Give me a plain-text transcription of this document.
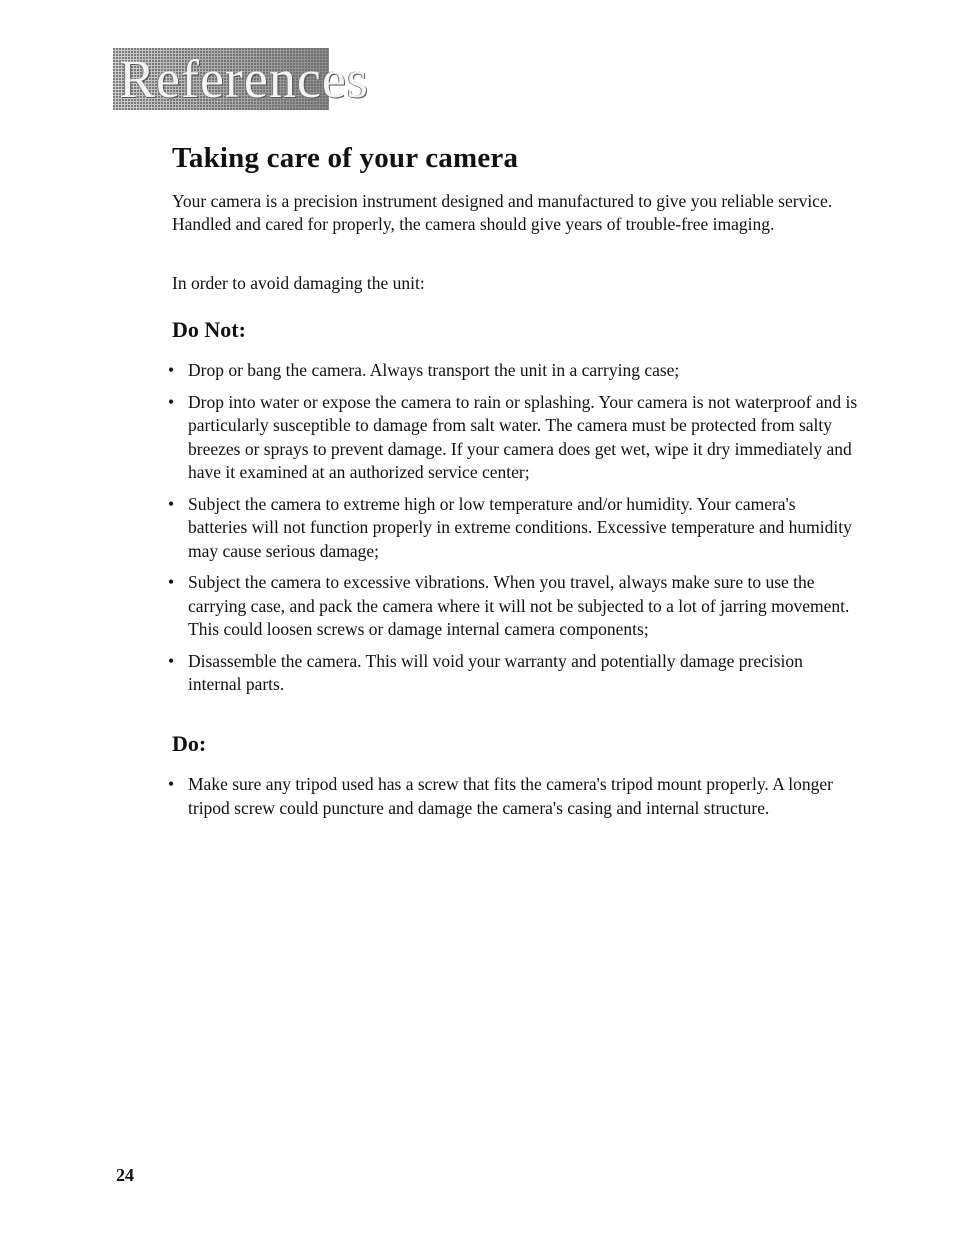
References
Taking care of your camera

Your camera is a precision instrument designed and manufactured to give you reliable service. Handled and cared for properly, the camera should give years of trouble-free imaging.

In order to avoid damaging the unit:

Do Not:
• Drop or bang the camera. Always transport the unit in a carrying case;
• Drop into water or expose the camera to rain or splashing. Your camera is not waterproof and is particularly susceptible to damage from salt water. The camera must be protected from salty breezes or sprays to prevent damage. If your camera does get wet, wipe it dry immediately and have it examined at an authorized service center;
• Subject the camera to extreme high or low temperature and/or humidity. Your camera's batteries will not function properly in extreme conditions. Excessive temperature and humidity may cause serious damage;
• Subject the camera to excessive vibrations. When you travel, always make sure to use the carrying case, and pack the camera where it will not be subjected to a lot of jarring movement. This could loosen screws or damage internal camera components;
• Disassemble the camera. This will void your warranty and potentially damage precision internal parts.
Do:
• Make sure any tripod used has a screw that fits the camera's tripod mount properly. A longer tripod screw could puncture and damage the camera's casing and internal structure.
24
